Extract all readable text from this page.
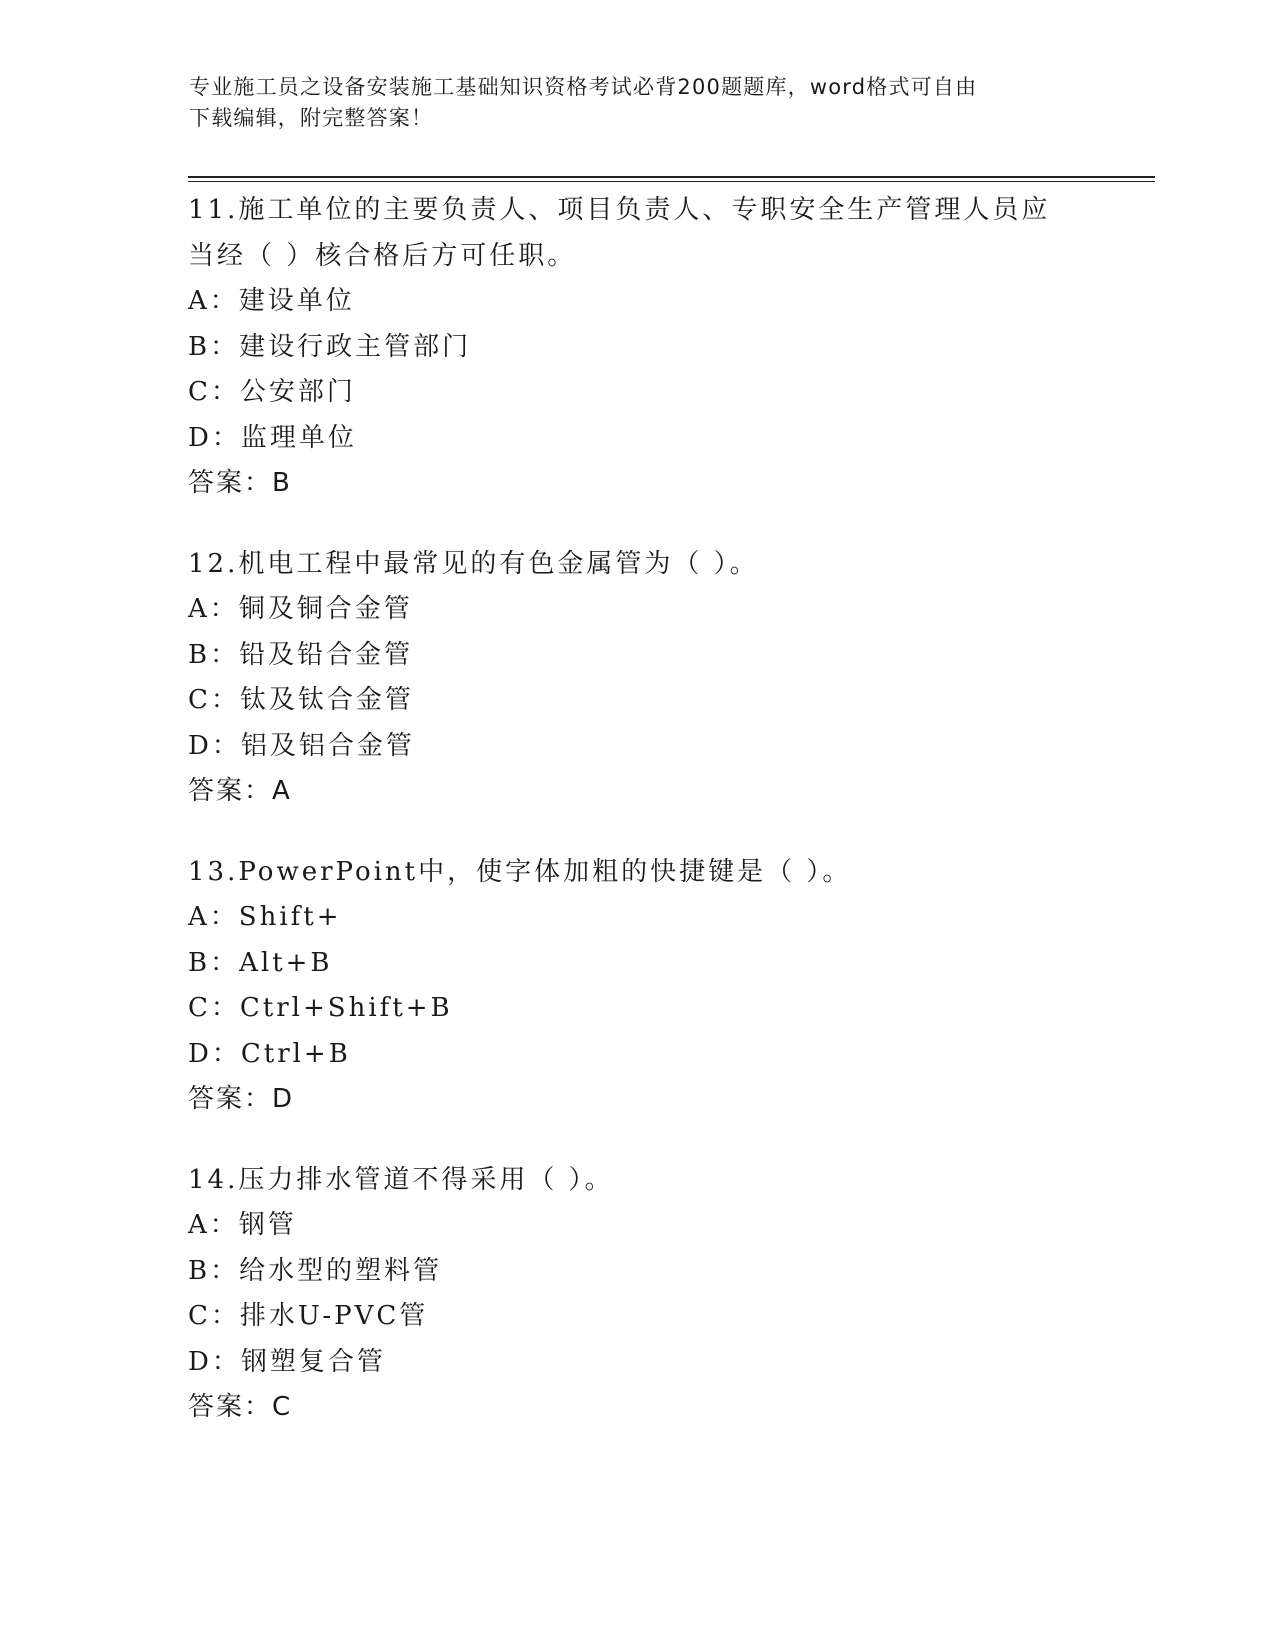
专业施工员之设备安装施工基础知识资格考试必背200题题库，word格式可自由
下载编辑，附完整答案！
11.施工单位的主要负责人、项目负责人、专职安全生产管理人员应当经（ ）核合格后方可任职。
A：建设单位
B：建设行政主管部门
C：公安部门
D：监理单位
答案：B
12.机电工程中最常见的有色金属管为（ ）。
A：铜及铜合金管
B：铅及铅合金管
C：钛及钛合金管
D：铝及铝合金管
答案：A
13.PowerPoint中，使字体加粗的快捷键是（ ）。
A：Shift+
B：Alt+B
C：Ctrl+Shift+B
D：Ctrl+B
答案：D
14.压力排水管道不得采用（ ）。
A：钢管
B：给水型的塑料管
C：排水U-PVC管
D：钢塑复合管
答案：C
